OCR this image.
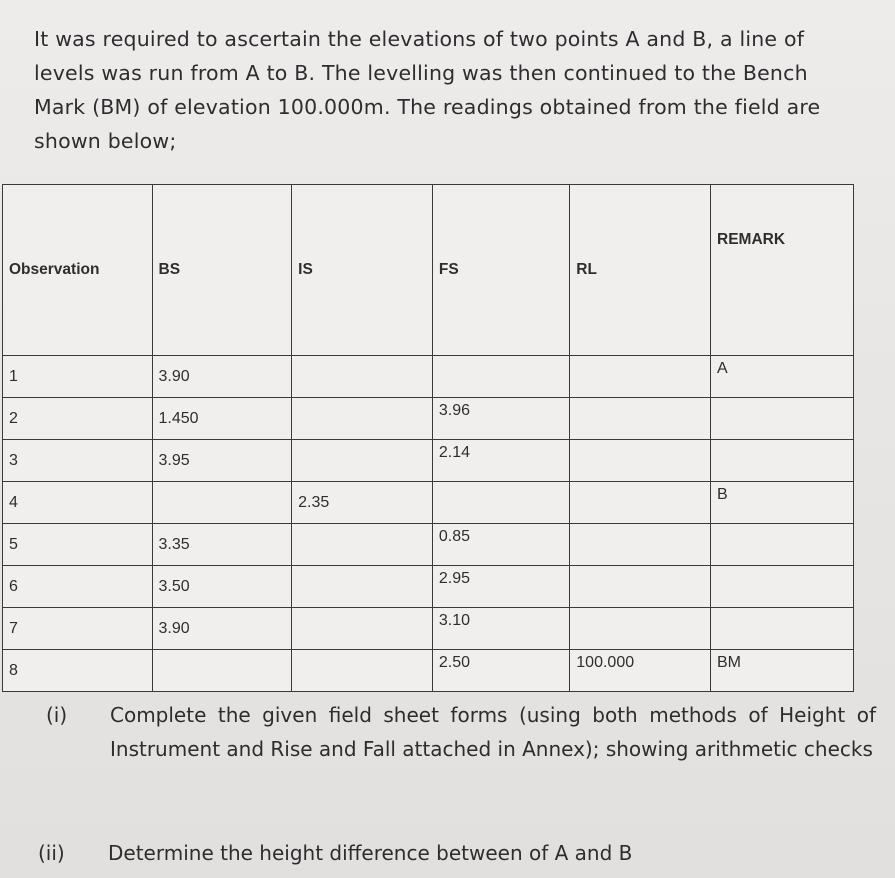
It was required to ascertain the elevations of two points A and B, a line of levels was run from A to B. The levelling was then continued to the Bench Mark (BM) of elevation 100.000m. The readings obtained from the field are shown below;

Observation	BS	IS	FS	RL	REMARK
1	3.90				A
2	1.450		3.96		
3	3.95		2.14		
4		2.35			B
5	3.35		0.85		
6	3.50		2.95		
7	3.90		3.10		
8			2.50	100.000	BM
(i)	Complete the given field sheet forms (using both methods of Height of Instrument and Rise and Fall attached in Annex); showing arithmetic checks
(ii)	Determine the height difference between of A and B
